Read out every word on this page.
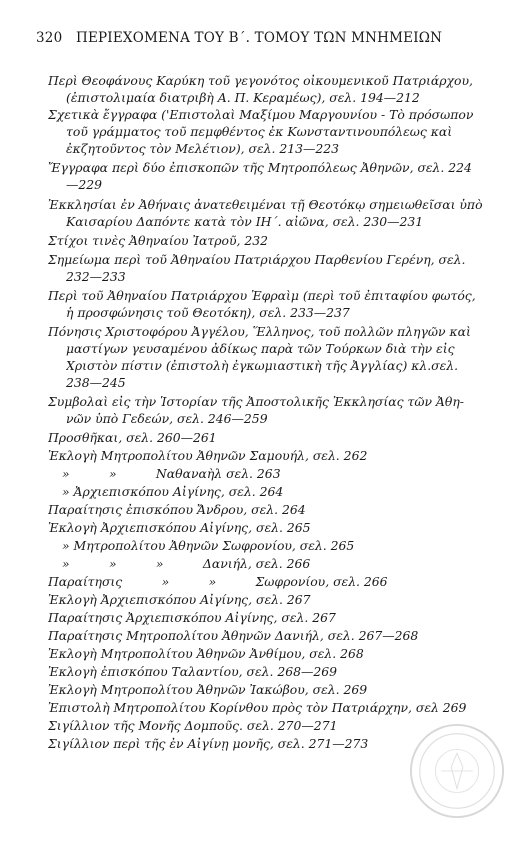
320 ΠΕΡΙΕΧΟΜΕΝΑ ΤΟΥ Β΄. ΤΟΜΟΥ ΤΩΝ ΜΝΗΜΕΙΩΝ
Περὶ Θεοφάνους Καρύκη τοῦ γεγονότος οἰκουμενικοῦ Πατριάρχου,
(ἐπιστολιμαία διατριβὴ Α. Π. Κεραμέως), σελ. 194—212
Σχετικὰ ἔγγραφα ('Επιστολαὶ Μαξίμου Μαργουνίου - Τὸ πρόσωπον
τοῦ γράμματος τοῦ πεμφθέντος ἐκ Κωνσταντινουπόλεως καὶ
ἐκζητοῦντος τὸν Μελέτιον), σελ. 213—223
Ἔγγραφα περὶ δύο ἐπισκοπῶν τῆς Μητροπόλεως Ἀθηνῶν, σελ. 224
—229
Ἐκκλησίαι ἐν Ἀθήναις ἀνατεθειμέναι τῇ Θεοτόκῳ σημειωθεῖσαι ὑπὸ
Καισαρίου Δαπόντε κατὰ τὸν ΙΗ΄. αἰῶνα, σελ. 230—231
Στίχοι τινὲς Ἀθηναίου Ἰατροῦ, 232
Σημείωμα περὶ τοῦ Ἀθηναίου Πατριάρχου Παρθενίου Γερένη, σελ.
232—233
Περὶ τοῦ Ἀθηναίου Πατριάρχου Ἐφραὶμ (περὶ τοῦ ἐπιταφίου φωτός,
ἡ προσφώνησις τοῦ Θεοτόκη), σελ. 233—237
Πόνησις Χριστοφόρου Ἀγγέλου, Ἕλληνος, τοῦ πολλῶν πληγῶν καὶ
μαστίγων γευσαμένου ἀδίκως παρὰ τῶν Τούρκων διὰ τὴν εἰς
Χριστὸν πίστιν (ἐπιστολὴ ἐγκωμιαστικὴ τῆς Ἀγγλίας) κλ.σελ.
238—245
Συμβολαὶ εἰς τὴν Ἱστορίαν τῆς Ἀποστολικῆς Ἐκκλησίας τῶν Ἀθη-
νῶν ὑπὸ Γεδεών, σελ. 246—259
Προσθῆκαι, σελ. 260—261
Ἐκλογὴ Μητροπολίτου Ἀθηνῶν Σαμουήλ, σελ. 262
»          »          Ναθαναὴλ σελ. 263
» Ἀρχιεπισκόπου Αἰγίνης, σελ. 264
Παραίτησις ἐπισκόπου Ἄνδρου, σελ. 264
Ἐκλογὴ Ἀρχιεπισκόπου Αἰγίνης, σελ. 265
» Μητροπολίτου Ἀθηνῶν Σωφρονίου, σελ. 265
»          »          »          Δανιήλ, σελ. 266
Παραίτησις          »          »          Σωφρονίου, σελ. 266
Ἐκλογὴ Ἀρχιεπισκόπου Αἰγίνης, σελ. 267
Παραίτησις Ἀρχιεπισκόπου Αἰγίνης, σελ. 267
Παραίτησις Μητροπολίτου Ἀθηνῶν Δανιήλ, σελ. 267—268
Ἐκλογὴ Μητροπολίτου Ἀθηνῶν Ἀνθίμου, σελ. 268
Ἐκλογὴ ἐπισκόπου Ταλαντίου, σελ. 268—269
Ἐκλογὴ Μητροπολίτου Ἀθηνῶν Ἰακώβου, σελ. 269
Ἐπιστολὴ Μητροπολίτου Κορίνθου πρὸς τὸν Πατριάρχην, σελ 269
Σιγίλλιον τῆς Μονῆς Δομποῦς. σελ. 270—271
Σιγίλλιον περὶ τῆς ἐν Αἰγίνῃ μονῆς, σελ. 271—273
